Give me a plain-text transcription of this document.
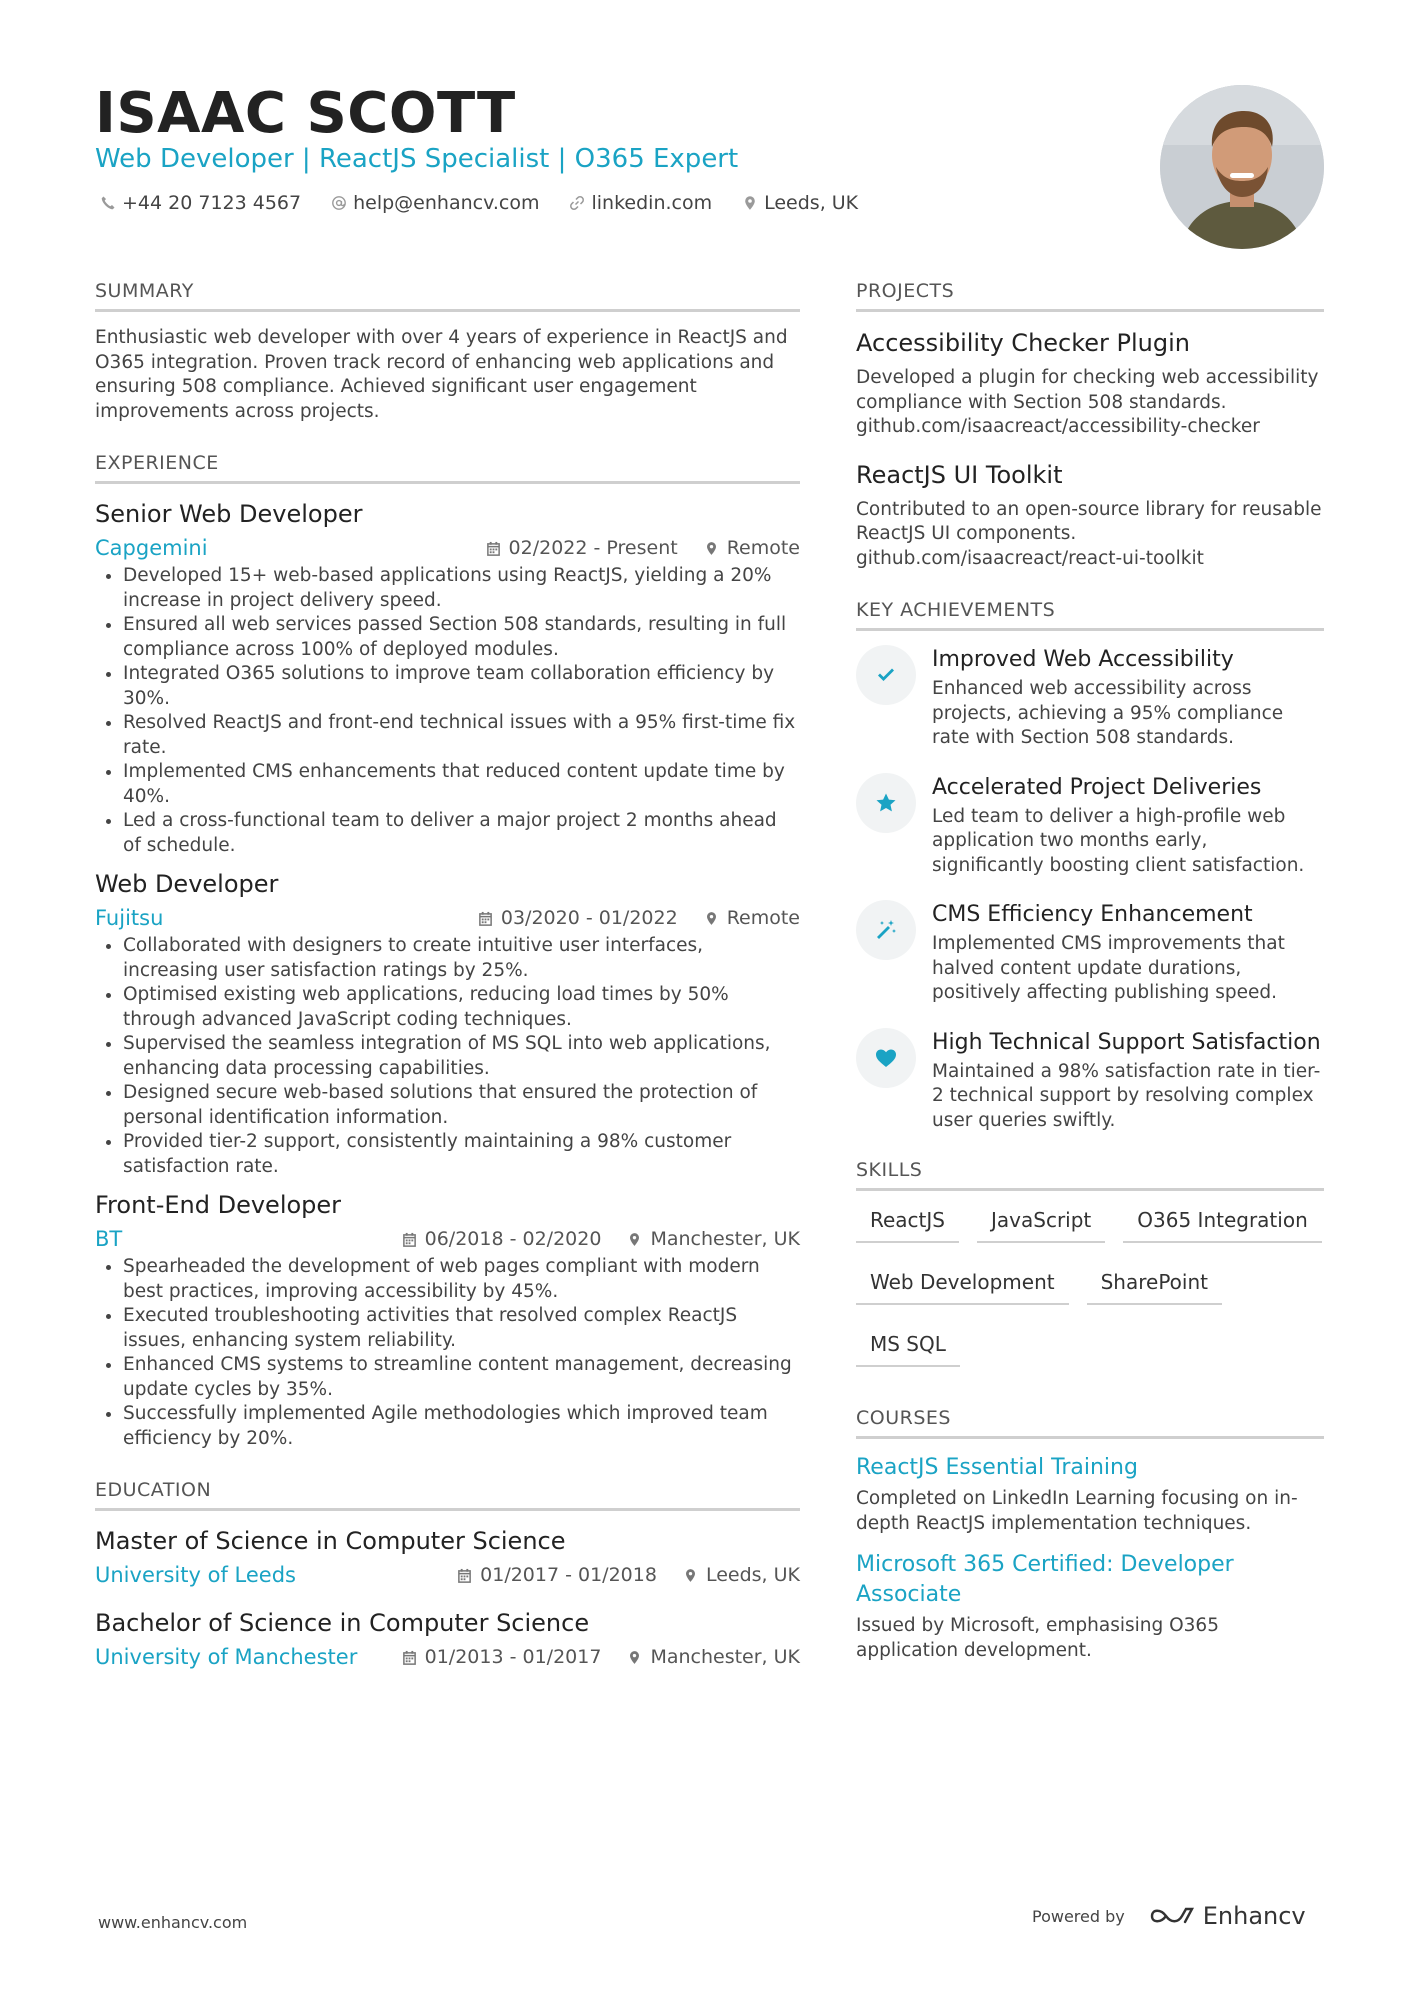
ISAAC SCOTT
Web Developer | ReactJS Specialist | O365 Expert
+44 20 7123 4567	help@enhancv.com	linkedin.com	Leeds, UK
SUMMARY

Enthusiastic web developer with over 4 years of experience in ReactJS and O365 integration. Proven track record of enhancing web applications and ensuring 508 compliance. Achieved significant user engagement improvements across projects.

EXPERIENCE
Senior Web Developer
Capgemini	02/2022 - Present	Remote
• Developed 15+ web-based applications using ReactJS, yielding a 20% increase in project delivery speed.
• Ensured all web services passed Section 508 standards, resulting in full compliance across 100% of deployed modules.
• Integrated O365 solutions to improve team collaboration efficiency by 30%.
• Resolved ReactJS and front-end technical issues with a 95% first-time fix rate.
• Implemented CMS enhancements that reduced content update time by 40%.
• Led a cross-functional team to deliver a major project 2 months ahead of schedule.
Web Developer
Fujitsu	03/2020 - 01/2022	Remote
• Collaborated with designers to create intuitive user interfaces, increasing user satisfaction ratings by 25%.
• Optimised existing web applications, reducing load times by 50% through advanced JavaScript coding techniques.
• Supervised the seamless integration of MS SQL into web applications, enhancing data processing capabilities.
• Designed secure web-based solutions that ensured the protection of personal identification information.
• Provided tier-2 support, consistently maintaining a 98% customer satisfaction rate.
Front-End Developer
BT	06/2018 - 02/2020	Manchester, UK
• Spearheaded the development of web pages compliant with modern best practices, improving accessibility by 45%.
• Executed troubleshooting activities that resolved complex ReactJS issues, enhancing system reliability.
• Enhanced CMS systems to streamline content management, decreasing update cycles by 35%.
• Successfully implemented Agile methodologies which improved team efficiency by 20%.
EDUCATION
Master of Science in Computer Science
University of Leeds	01/2017 - 01/2018	Leeds, UK
Bachelor of Science in Computer Science
University of Manchester	01/2013 - 01/2017	Manchester, UK
PROJECTS
Accessibility Checker Plugin

Developed a plugin for checking web accessibility compliance with Section 508 standards. github.com/isaacreact/accessibility-checker

ReactJS UI Toolkit

Contributed to an open-source library for reusable ReactJS UI components. github.com/isaacreact/react-ui-toolkit

KEY ACHIEVEMENTS
Improved Web Accessibility

Enhanced web accessibility across projects, achieving a 95% compliance rate with Section 508 standards.

Accelerated Project Deliveries

Led team to deliver a high-profile web application two months early, significantly boosting client satisfaction.

CMS Efficiency Enhancement

Implemented CMS improvements that halved content update durations, positively affecting publishing speed.

High Technical Support Satisfaction

Maintained a 98% satisfaction rate in tier-2 technical support by resolving complex user queries swiftly.

SKILLS
ReactJS	JavaScript	O365 Integration
Web Development	SharePoint
MS SQL
COURSES
ReactJS Essential Training

Completed on LinkedIn Learning focusing on in-depth ReactJS implementation techniques.

Microsoft 365 Certified: Developer Associate

Issued by Microsoft, emphasising O365 application development.

www.enhancv.com	Powered by	Enhancv
